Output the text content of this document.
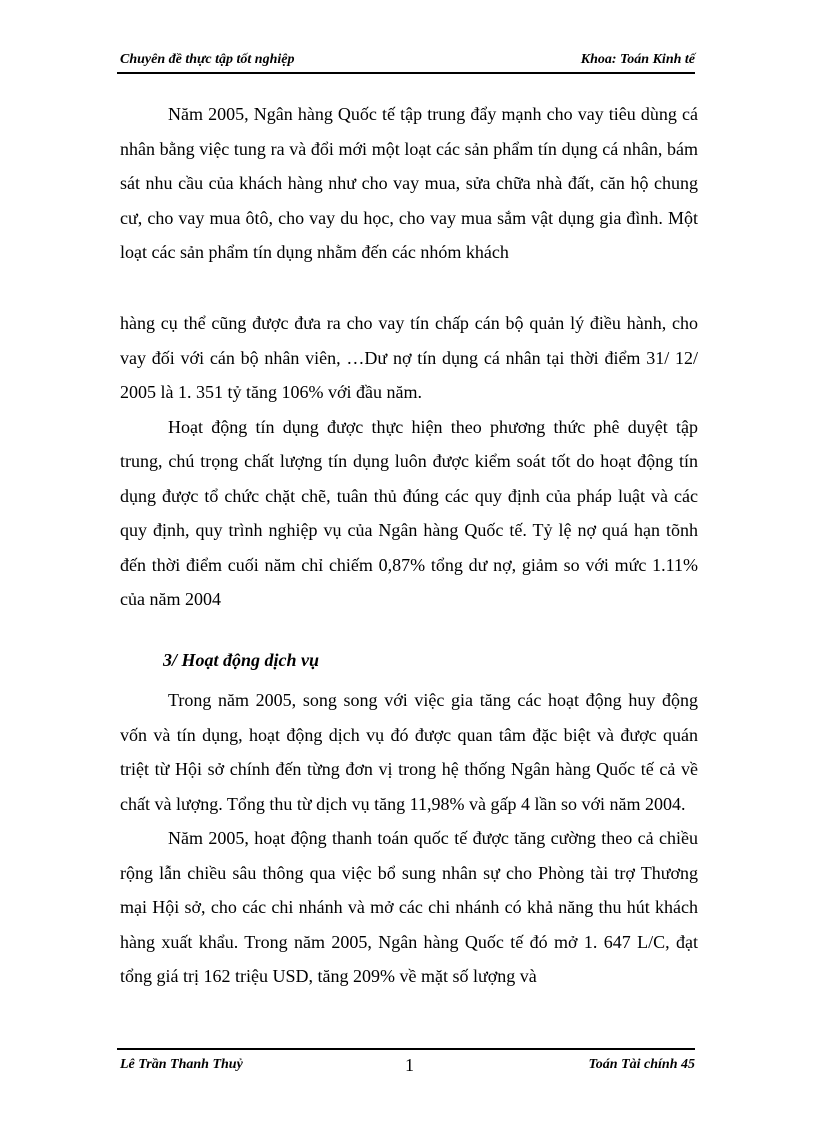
Chuyên đề thực tập tốt nghiệp	Khoa: Toán Kinh tế

Năm 2005, Ngân hàng Quốc tế tập trung đẩy mạnh cho vay tiêu dùng cá nhân bằng việc tung ra và đổi mới một loạt các sản phẩm tín dụng cá nhân, bám sát nhu cầu của khách hàng như cho vay mua, sửa chữa nhà đất, căn hộ chung cư, cho vay mua ôtô, cho vay du học, cho vay mua sắm vật dụng gia đình. Một loạt các sản phẩm tín dụng nhằm đến các nhóm khách

hàng cụ thể cũng được đưa ra cho vay tín chấp cán bộ quản lý điều hành, cho vay đối với cán bộ nhân viên, …Dư nợ tín dụng cá nhân tại thời điểm 31/ 12/ 2005 là 1. 351 tỷ tăng 106% với đầu năm.

Hoạt động tín dụng được thực hiện theo phương thức phê duyệt tập trung, chú trọng chất lượng tín dụng luôn được kiểm soát tốt do hoạt động tín dụng được tổ chức chặt chẽ, tuân thủ đúng các quy định của pháp luật và các quy định, quy trình nghiệp vụ của Ngân hàng Quốc tế. Tỷ lệ nợ quá hạn tõnh đến thời điểm cuối năm chỉ chiếm 0,87% tổng dư nợ, giảm so với mức 1.11% của năm 2004

3/ Hoạt động dịch vụ

Trong năm 2005, song song với việc gia tăng các hoạt động huy động vốn và tín dụng, hoạt động dịch vụ đó được quan tâm đặc biệt và được quán triệt từ Hội sở chính đến từng đơn vị trong hệ thống Ngân hàng Quốc tế cả về chất và lượng. Tổng thu từ dịch vụ tăng 11,98% và gấp 4 lần so với năm 2004.

Năm 2005, hoạt động thanh toán quốc tế được tăng cường theo cả chiều rộng lẫn chiều sâu thông qua việc bổ sung nhân sự cho Phòng tài trợ Thương mại Hội sở, cho các chi nhánh và mở các chi nhánh có khả năng thu hút khách hàng xuất khẩu. Trong năm 2005, Ngân hàng Quốc tế đó mở 1. 647 L/C, đạt tổng giá trị 162 triệu USD, tăng 209% về mặt số lượng và

Lê Trần Thanh Thuỷ	1	Toán Tài chính 45
